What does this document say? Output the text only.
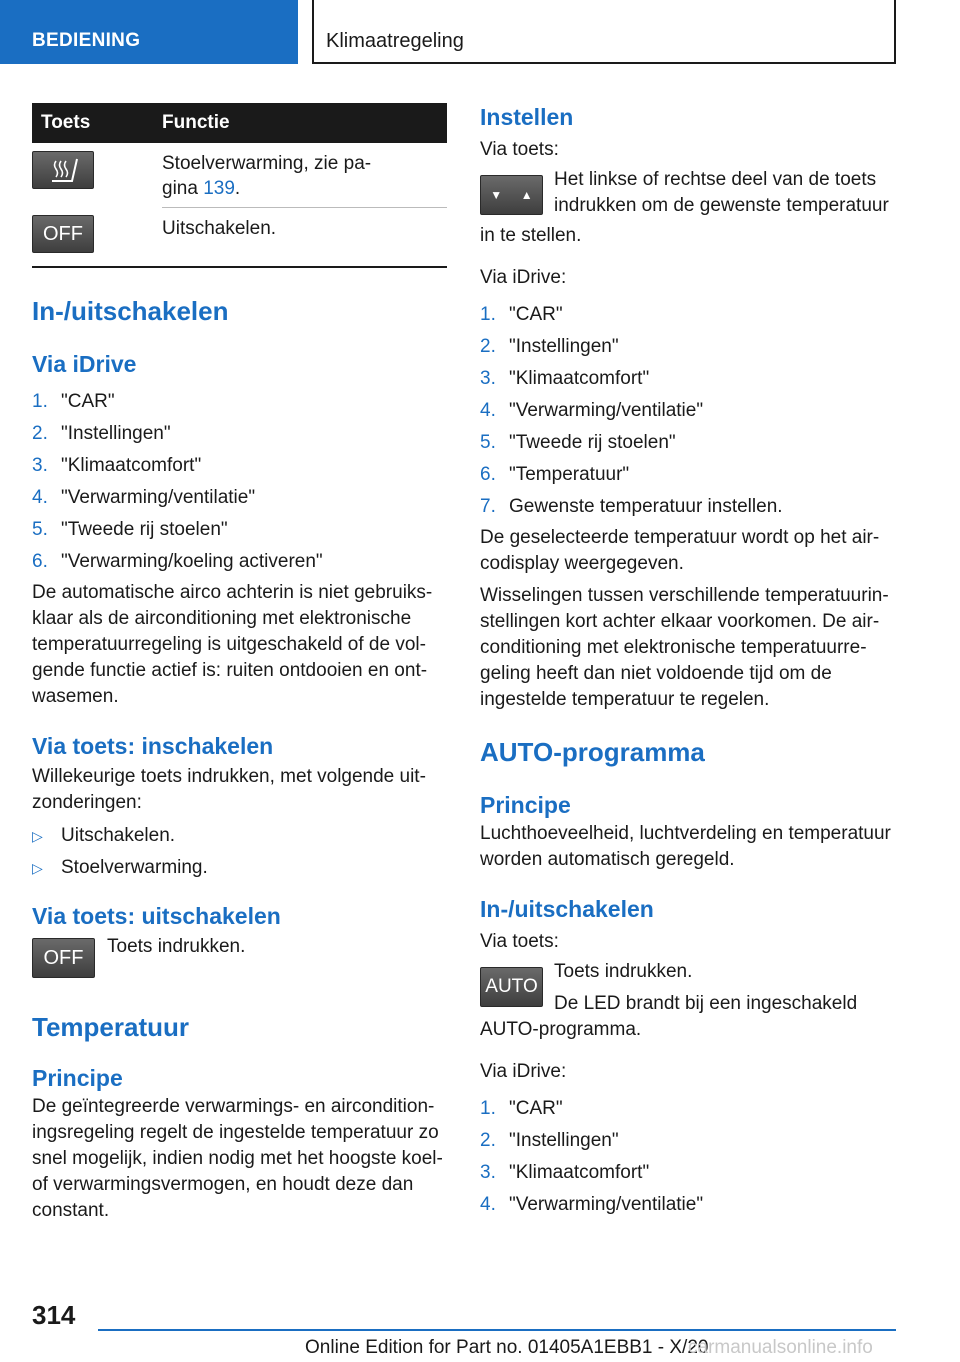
BEDIENING	Klimaatregeling
Toets	Functie

Stoelverwarming, zie pa-
gina 139.

OFF	Uitschakelen.
In-/uitschakelen
Via iDrive
1. "CAR"
2. "Instellingen"
3. "Klimaatcomfort"
4. "Verwarming/ventilatie"
5. "Tweede rij stoelen"
6. "Verwarming/koeling activeren"

De automatische airco achterin is niet gebruiks-

klaar als de airconditioning met elektronische

temperatuurregeling is uitgeschakeld of de vol-

gende functie actief is: ruiten ontdooien en ont-

wasemen.

Via toets: inschakelen

Willekeurige toets indrukken, met volgende uit-

zonderingen:

▷ Uitschakelen.
▷ Stoelverwarming.
Via toets: uitschakelen
OFF	Toets indrukken.

Temperatuur
Principe

De geïntegreerde verwarmings- en aircondition-

ingsregeling regelt de ingestelde temperatuur zo

snel mogelijk, indien nodig met het hoogste koel-

of verwarmingsvermogen, en houdt deze dan

constant.

Instellen

Via toets:

▼ ▲

Het linkse of rechtse deel van de toets

indrukken om de gewenste temperatuur

in te stellen.

Via iDrive:

1. "CAR"
2. "Instellingen"
3. "Klimaatcomfort"
4. "Verwarming/ventilatie"
5. "Tweede rij stoelen"
6. "Temperatuur"
7. Gewenste temperatuur instellen.

De geselecteerde temperatuur wordt op het air-

codisplay weergegeven.

Wisselingen tussen verschillende temperatuurin-

stellingen kort achter elkaar voorkomen. De air-

conditioning met elektronische temperatuurre-

geling heeft dan niet voldoende tijd om de

ingestelde temperatuur te regelen.

AUTO-programma
Principe

Luchthoeveelheid, luchtverdeling en temperatuur

worden automatisch geregeld.

In-/uitschakelen

Via toets:

AUTO

Toets indrukken.

De LED brandt bij een ingeschakeld

AUTO-programma.

Via iDrive:

1. "CAR"
2. "Instellingen"
3. "Klimaatcomfort"
4. "Verwarming/ventilatie"
314
Online Edition for Part no. 01405A1EBB1 - X/20
carmanualsonline.info
